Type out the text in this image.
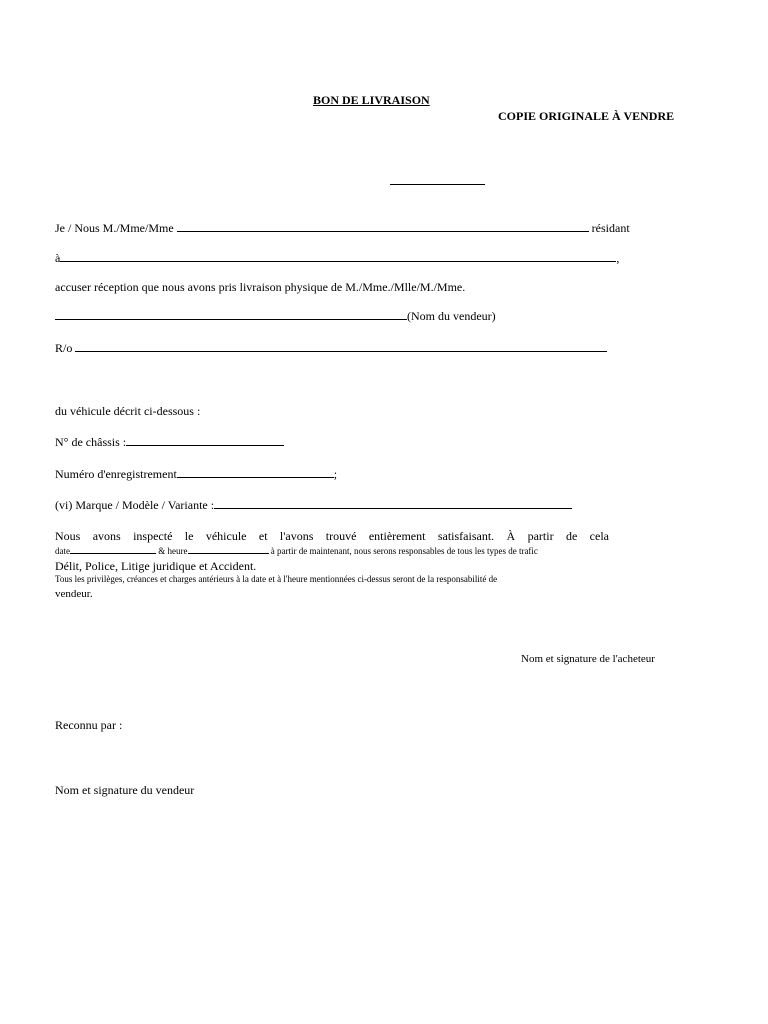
BON DE LIVRAISON
COPIE ORIGINALE À VENDRE
Je / Nous M./Mme/Mme	résidant
à	,
accuser réception que nous avons pris livraison physique de M./Mme./Mlle/M./Mme.
(Nom du vendeur)
R/o
du véhicule décrit ci-dessous :
N° de châssis :
Numéro d'enregistrement	;
(vi) Marque / Modèle / Variante :
Nous avons inspecté le véhicule et l'avons trouvé entièrement satisfaisant. À partir de cela
date	& heure	à partir de maintenant, nous serons responsables de tous les types de trafic
Délit, Police, Litige juridique et Accident.
Tous les privilèges, créances et charges antérieurs à la date et à l'heure mentionnées ci-dessus seront de la responsabilité de
vendeur.
Nom et signature de l'acheteur
Reconnu par :
Nom et signature du vendeur
